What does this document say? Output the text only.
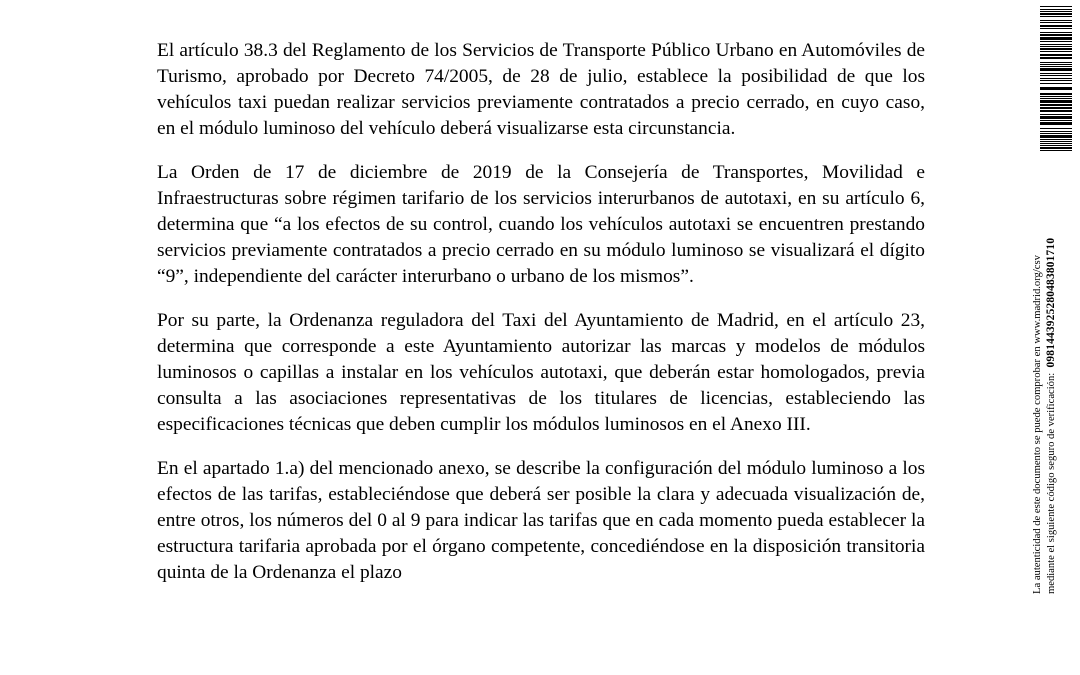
El artículo 38.3 del Reglamento de los Servicios de Transporte Público Urbano en Automóviles de Turismo, aprobado por Decreto 74/2005, de 28 de julio, establece la posibilidad de que los vehículos taxi puedan realizar servicios previamente contratados a precio cerrado, en cuyo caso, en el módulo luminoso del vehículo deberá visualizarse esta circunstancia.

La Orden de 17 de diciembre de 2019 de la Consejería de Transportes, Movilidad e Infraestructuras sobre régimen tarifario de los servicios interurbanos de autotaxi, en su artículo 6, determina que “a los efectos de su control, cuando los vehículos autotaxi se encuentren prestando servicios previamente contratados a precio cerrado en su módulo luminoso se visualizará el dígito “9”, independiente del carácter interurbano o urbano de los mismos”.

Por su parte, la Ordenanza reguladora del Taxi del Ayuntamiento de Madrid, en el artículo 23, determina que corresponde a este Ayuntamiento autorizar las marcas y modelos de módulos luminosos o capillas a instalar en los vehículos autotaxi, que deberán estar homologados, previa consulta a las asociaciones representativas de los titulares de licencias, estableciendo las especificaciones técnicas que deben cumplir los módulos luminosos en el Anexo III.

En el apartado 1.a) del mencionado anexo, se describe la configuración del módulo luminoso a los efectos de las tarifas, estableciéndose que deberá ser posible la clara y adecuada visualización de, entre otros, los números del 0 al 9 para indicar las tarifas que en cada momento pueda establecer la estructura tarifaria aprobada por el órgano competente, concediéndose en la disposición transitoria quinta de la Ordenanza el plazo	La autenticidad de este documento se puede comprobar en www.madrid.org/csv mediante el siguiente código seguro de verificación:  0981443925280483801710
